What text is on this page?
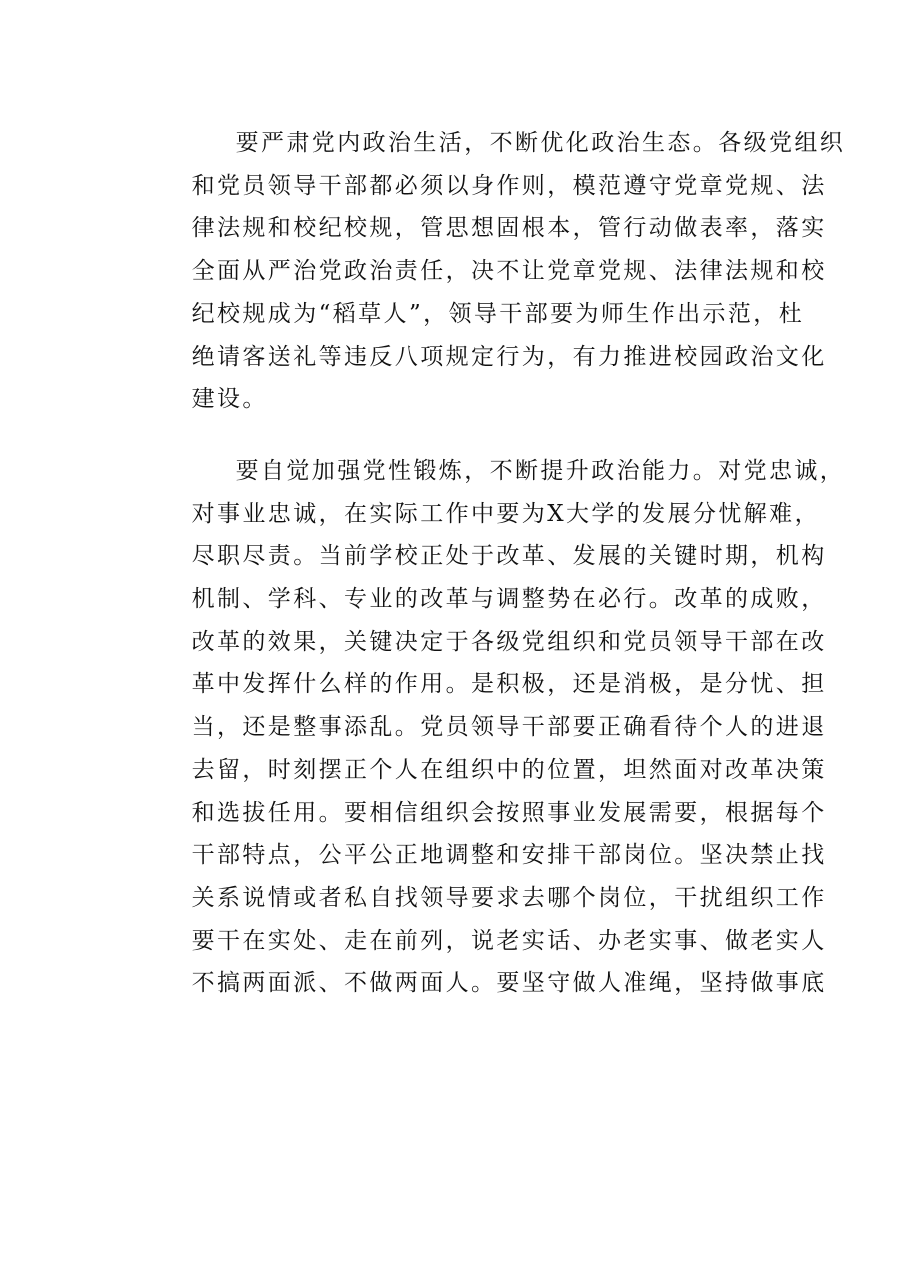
要严肃党内政治生活，不断优化政治生态。各级党组织
和党员领导干部都必须以身作则，模范遵守党章党规、法
律法规和校纪校规，管思想固根本，管行动做表率，落实
全面从严治党政治责任，决不让党章党规、法律法规和校
纪校规成为“稻草人”，领导干部要为师生作出示范，杜
绝请客送礼等违反八项规定行为，有力推进校园政治文化
建设。

要自觉加强党性锻炼，不断提升政治能力。对党忠诚，
对事业忠诚，在实际工作中要为X大学的发展分忧解难，
尽职尽责。当前学校正处于改革、发展的关键时期，机构
机制、学科、专业的改革与调整势在必行。改革的成败，
改革的效果，关键决定于各级党组织和党员领导干部在改
革中发挥什么样的作用。是积极，还是消极，是分忧、担
当，还是整事添乱。党员领导干部要正确看待个人的进退
去留，时刻摆正个人在组织中的位置，坦然面对改革决策
和选拔任用。要相信组织会按照事业发展需要，根据每个
干部特点，公平公正地调整和安排干部岗位。坚决禁止找
关系说情或者私自找领导要求去哪个岗位，干扰组织工作
要干在实处、走在前列，说老实话、办老实事、做老实人
不搞两面派、不做两面人。要坚守做人准绳，坚持做事底
